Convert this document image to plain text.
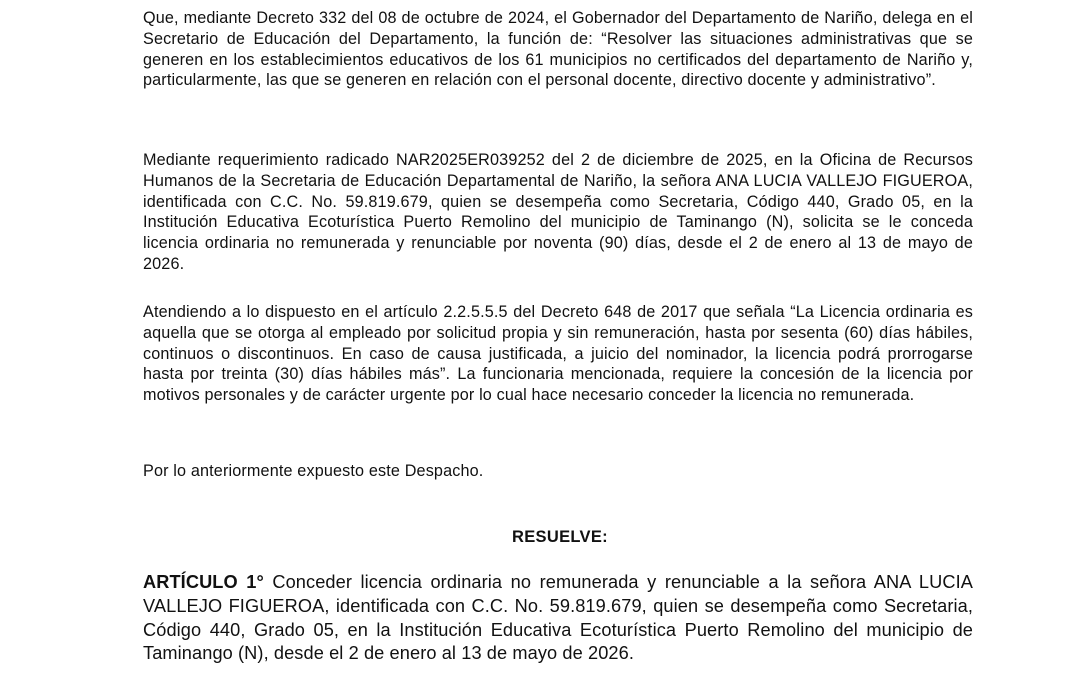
Que, mediante Decreto 332 del 08 de octubre de 2024, el Gobernador del Departamento de Nariño, delega en el Secretario de Educación del Departamento, la función de: “Resolver las situaciones administrativas que se generen en los establecimientos educativos de los 61 municipios no certificados del departamento de Nariño y, particularmente, las que se generen en relación con el personal docente, directivo docente y administrativo”.

Mediante requerimiento radicado NAR2025ER039252 del 2 de diciembre de 2025, en la Oficina de Recursos Humanos de la Secretaria de Educación Departamental de Nariño, la señora ANA LUCIA VALLEJO FIGUEROA, identificada con C.C. No. 59.819.679, quien se desempeña como Secretaria, Código 440, Grado 05, en la Institución Educativa Ecoturística Puerto Remolino del municipio de Taminango (N), solicita se le conceda licencia ordinaria no remunerada y renunciable por noventa (90) días, desde el 2 de enero al 13 de mayo de 2026.

Atendiendo a lo dispuesto en el artículo 2.2.5.5.5 del Decreto 648 de 2017 que señala “La Licencia ordinaria es aquella que se otorga al empleado por solicitud propia y sin remuneración, hasta por sesenta (60) días hábiles, continuos o discontinuos. En caso de causa justificada, a juicio del nominador, la licencia podrá prorrogarse hasta por treinta (30) días hábiles más”. La funcionaria mencionada, requiere la concesión de la licencia por motivos personales y de carácter urgente por lo cual hace necesario conceder la licencia no remunerada.

Por lo anteriormente expuesto este Despacho.

RESUELVE:

ARTÍCULO 1° Conceder licencia ordinaria no remunerada y renunciable a la señora ANA LUCIA VALLEJO FIGUEROA, identificada con C.C. No. 59.819.679, quien se desempeña como Secretaria, Código 440, Grado 05, en la Institución Educativa Ecoturística Puerto Remolino del municipio de Taminango (N), desde el 2 de enero al 13 de mayo de 2026.
